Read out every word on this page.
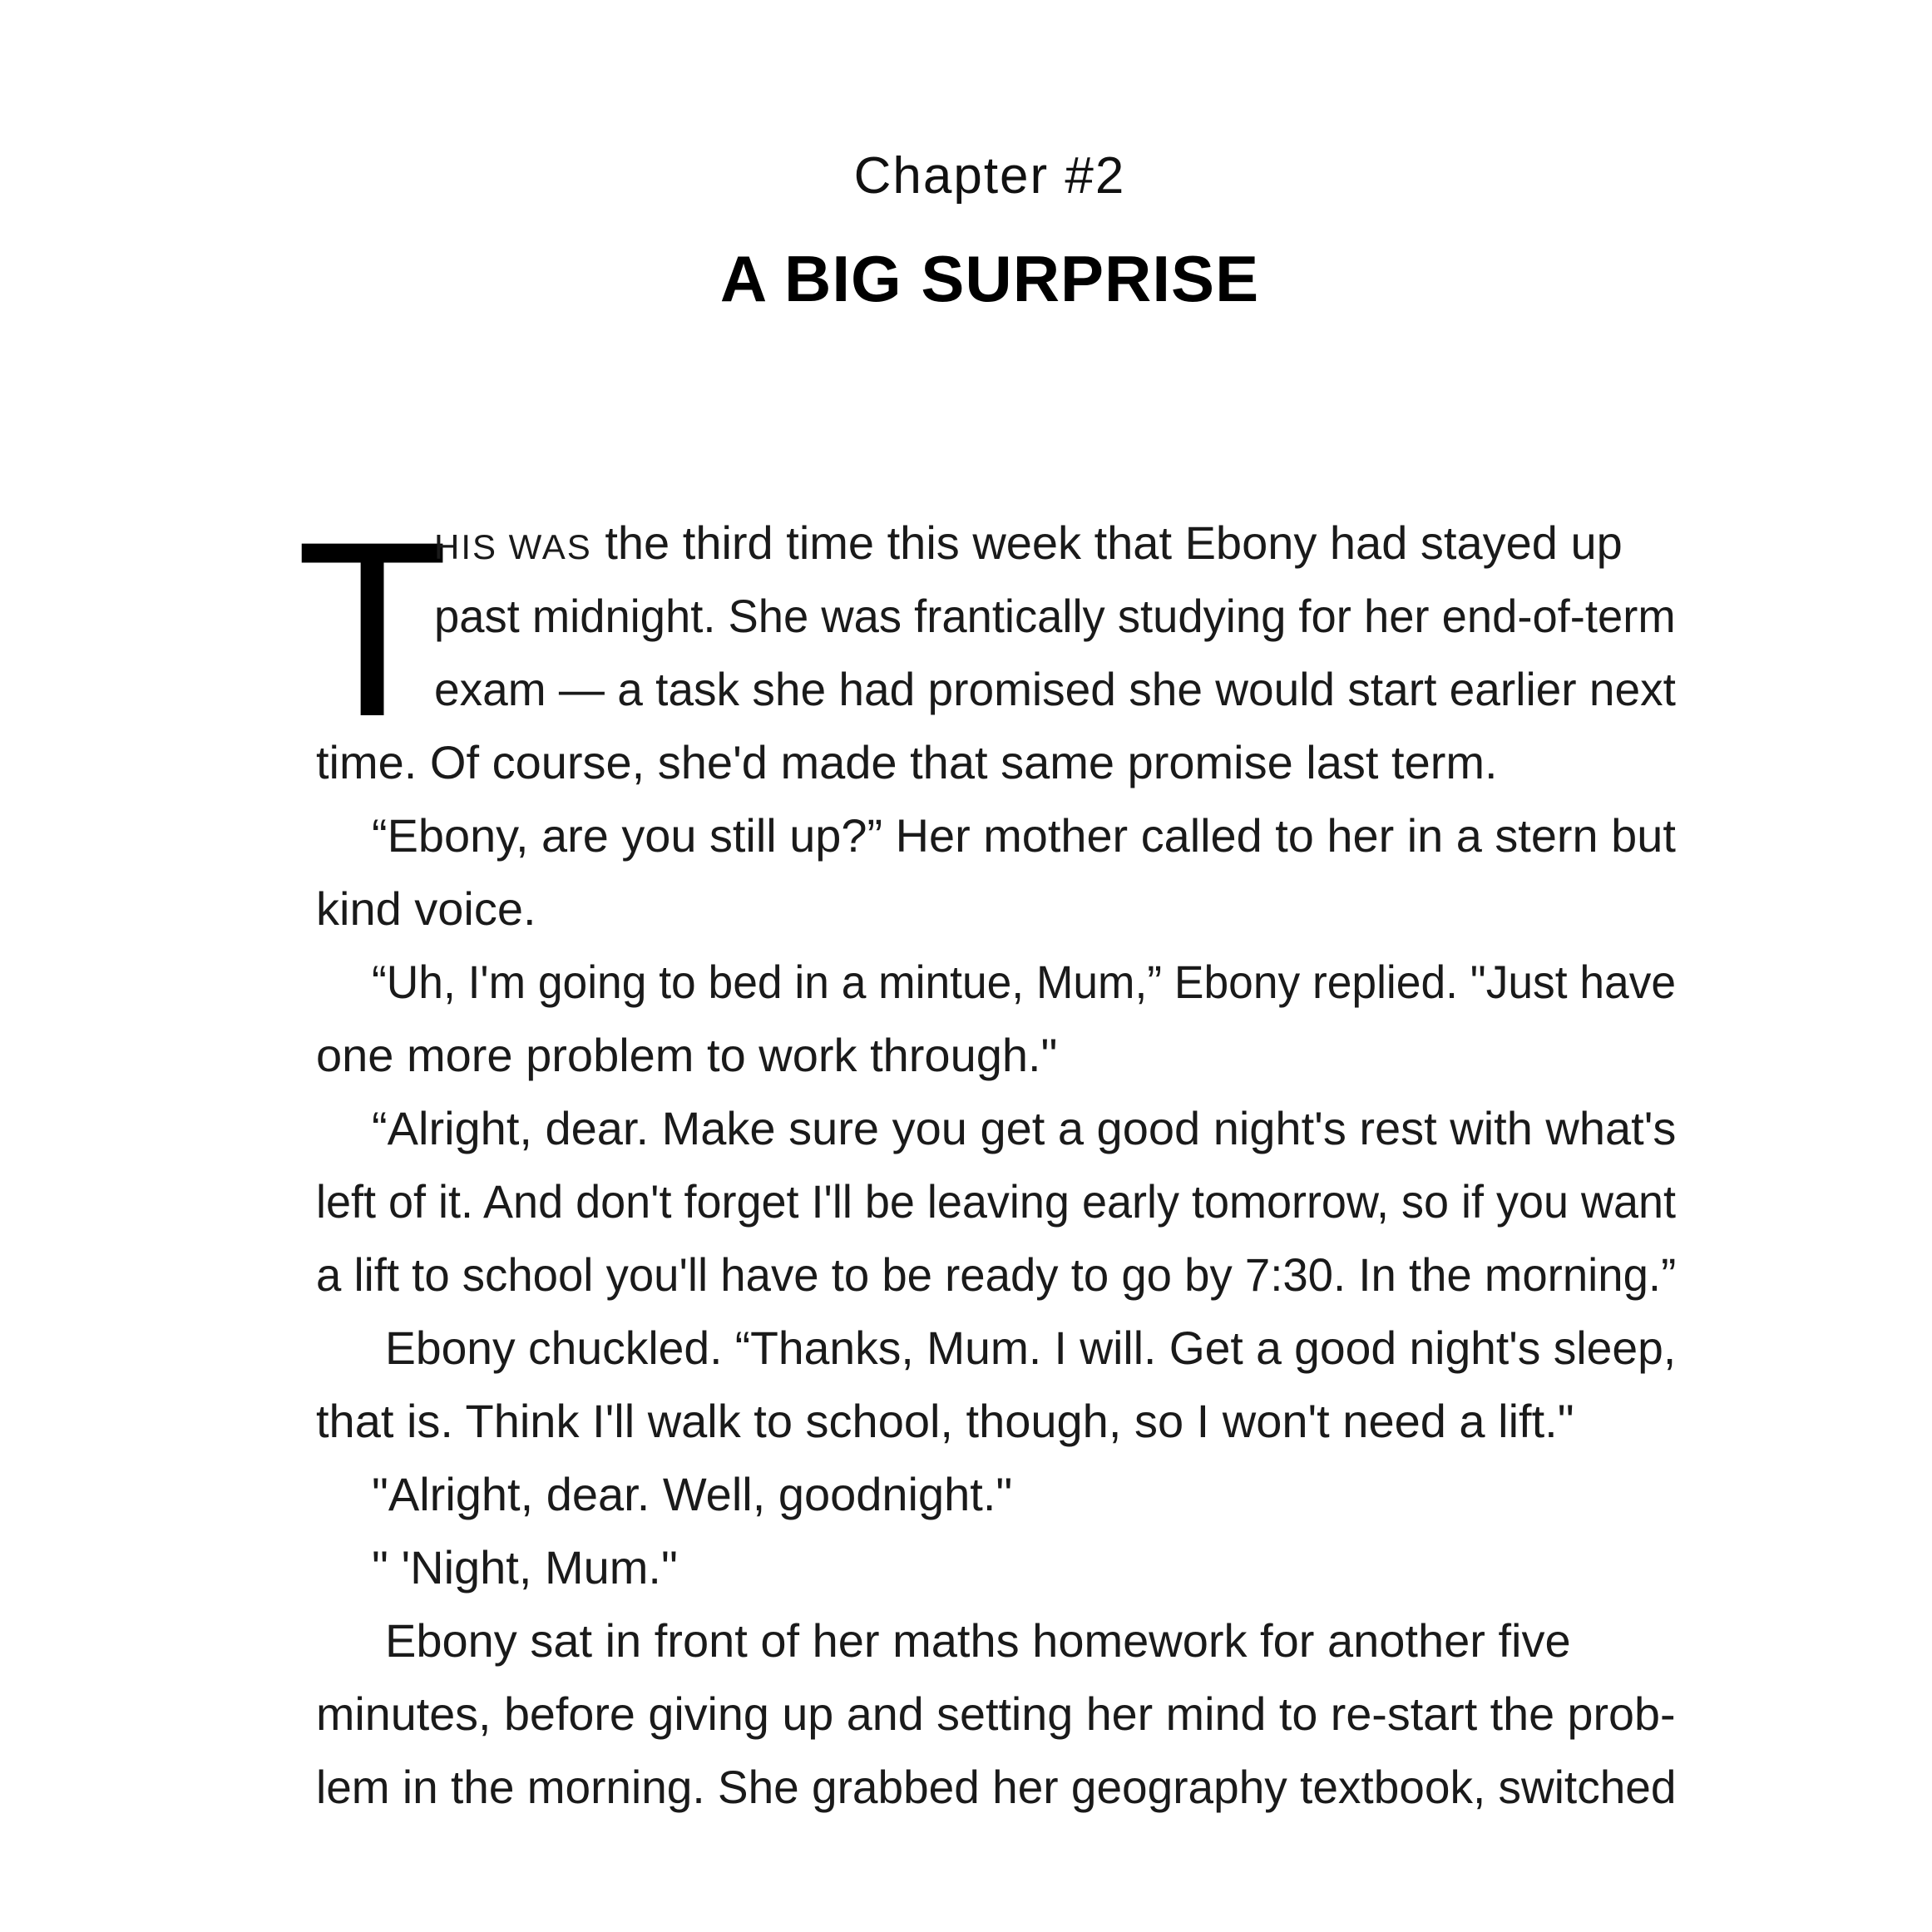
Chapter #2
A BIG SURPRISE
T
HIS WAS the third time this week that Ebony had stayed up
past midnight. She was frantically studying for her end-of-term
exam — a task she had promised she would start earlier next
time. Of course, she'd made that same promise last term.
“Ebony, are you still up?” Her mother called to her in a stern but
kind voice.
“Uh, I'm going to bed in a mintue, Mum,” Ebony replied. "Just have
one more problem to work through."
“Alright, dear. Make sure you get a good night's rest with what's
left of it. And don't forget I'll be leaving early tomorrow, so if you want
a lift to school you'll have to be ready to go by 7:30. In the morning.”
Ebony chuckled. “Thanks, Mum. I will. Get a good night's sleep,
that is. Think I'll walk to school, though, so I won't need a lift."
"Alright, dear. Well, goodnight."
" 'Night, Mum."
Ebony sat in front of her maths homework for another five
minutes, before giving up and setting her mind to re-start the prob-
lem in the morning. She grabbed her geography textbook, switched
